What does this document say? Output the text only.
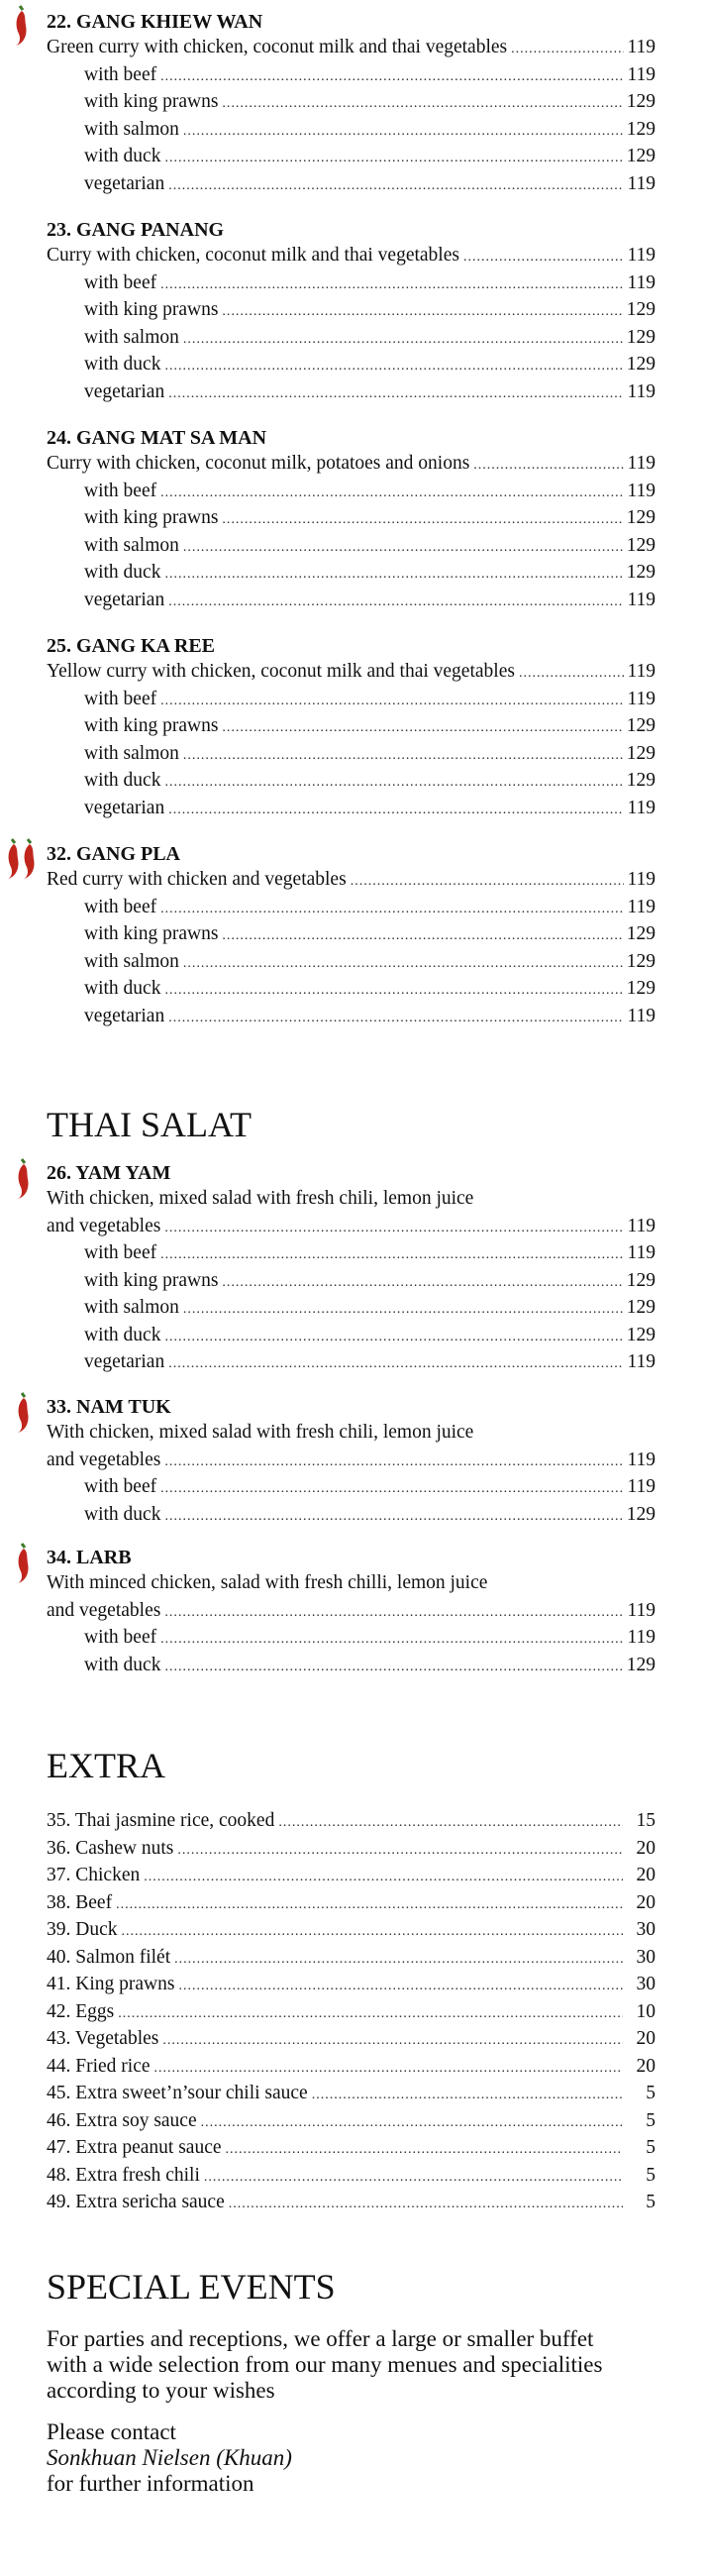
22. GANG KHIEW WAN
Green curry with chicken, coconut milk and thai vegetables .....	119
with beef .....	119
with king prawns .....	129
with salmon .....	129
with duck .....	129
vegetarian .....	119
23. GANG PANANG
Curry with chicken, coconut milk and thai vegetables .....	119
with beef .....	119
with king prawns .....	129
with salmon .....	129
with duck .....	129
vegetarian .....	119
24. GANG MAT SA MAN
Curry with chicken, coconut milk, potatoes and onions .....	119
with beef .....	119
with king prawns .....	129
with salmon .....	129
with duck .....	129
vegetarian .....	119
25. GANG KA REE
Yellow curry with chicken, coconut milk and thai vegetables .....	119
with beef .....	119
with king prawns .....	129
with salmon .....	129
with duck .....	129
vegetarian .....	119
32. GANG PLA
Red curry with chicken and vegetables .....	119
with beef .....	119
with king prawns .....	129
with salmon .....	129
with duck .....	129
vegetarian .....	119
THAI SALAT
26. YAM YAM
With chicken, mixed salad with fresh chili, lemon juice
and vegetables .....	119
with beef .....	119
with king prawns .....	129
with salmon .....	129
with duck .....	129
vegetarian .....	119
33. NAM TUK
With chicken, mixed salad with fresh chili, lemon juice
and vegetables .....	119
with beef .....	119
with duck .....	129
34. LARB
With minced chicken, salad with fresh chilli, lemon juice
and vegetables .....	119
with beef .....	119
with duck .....	129
EXTRA
35. Thai jasmine rice, cooked .....	15
36. Cashew nuts .....	20
37. Chicken .....	20
38. Beef .....	20
39. Duck .....	30
40. Salmon filét .....	30
41. King prawns .....	30
42. Eggs .....	10
43. Vegetables .....	20
44. Fried rice .....	20
45. Extra sweet’n’sour chili sauce .....	5
46. Extra soy sauce .....	5
47. Extra peanut sauce .....	5
48. Extra fresh chili .....	5
49. Extra sericha sauce .....	5
SPECIAL EVENTS

For parties and receptions, we offer a large or smaller buffet with a wide selection from our many menues and specialities according to your wishes

Please contact

Sonkhuan Nielsen (Khuan)

for further information
